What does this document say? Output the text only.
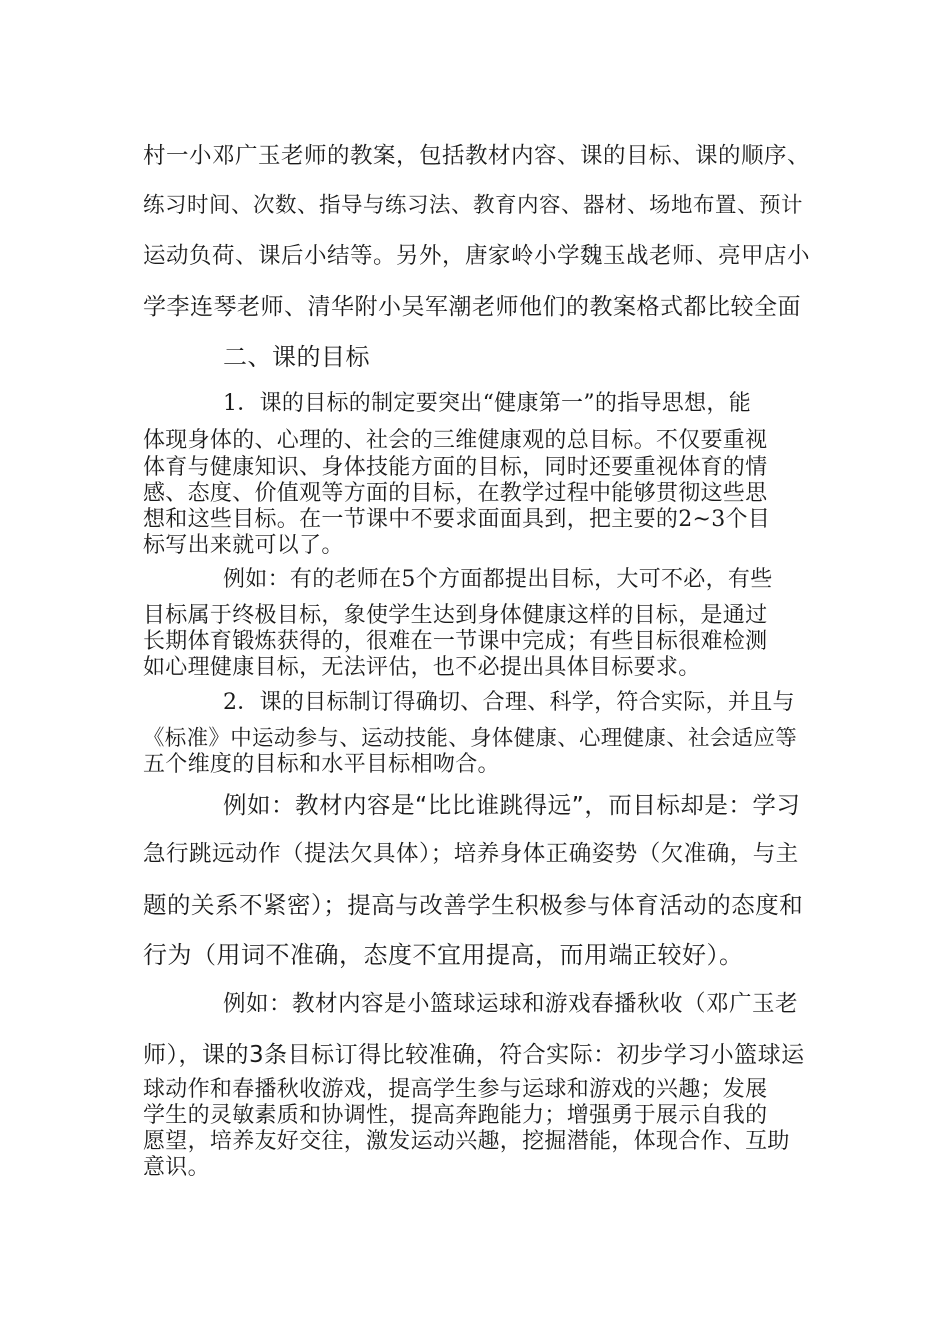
村一小邓广玉老师的教案，包括教材内容、课的目标、课的顺序、
练习时间、次数、指导与练习法、教育内容、器材、场地布置、预计
运动负荷、课后小结等。另外，唐家岭小学魏玉战老师、亮甲店小
学李连琴老师、清华附小吴军潮老师他们的教案格式都比较全面
二、课的目标
1．课的目标的制定要突出“健康第一”的指导思想，能
体现身体的、心理的、社会的三维健康观的总目标。不仅要重视
体育与健康知识、身体技能方面的目标，同时还要重视体育的情
感、态度、价值观等方面的目标，在教学过程中能够贯彻这些思
想和这些目标。在一节课中不要求面面具到，把主要的2~3个目
标写出来就可以了。
例如：有的老师在5个方面都提出目标，大可不必，有些
目标属于终极目标，象使学生达到身体健康这样的目标，是通过
长期体育锻炼获得的，很难在一节课中完成；有些目标很难检测
如心理健康目标，无法评估，也不必提出具体目标要求。
2．课的目标制订得确切、合理、科学，符合实际，并且与
《标准》中运动参与、运动技能、身体健康、心理健康、社会适应等
五个维度的目标和水平目标相吻合。
例如：教材内容是“比比谁跳得远”，而目标却是：学习
急行跳远动作（提法欠具体）；培养身体正确姿势（欠准确，与主
题的关系不紧密）；提高与改善学生积极参与体育活动的态度和
行为（用词不准确，态度不宜用提高，而用端正较好）。
例如：教材内容是小篮球运球和游戏春播秋收（邓广玉老
师），课的3条目标订得比较准确，符合实际：初步学习小篮球运
球动作和春播秋收游戏，提高学生参与运球和游戏的兴趣；发展
学生的灵敏素质和协调性，提高奔跑能力；增强勇于展示自我的
愿望，培养友好交往，激发运动兴趣，挖掘潜能，体现合作、互助
意识。
